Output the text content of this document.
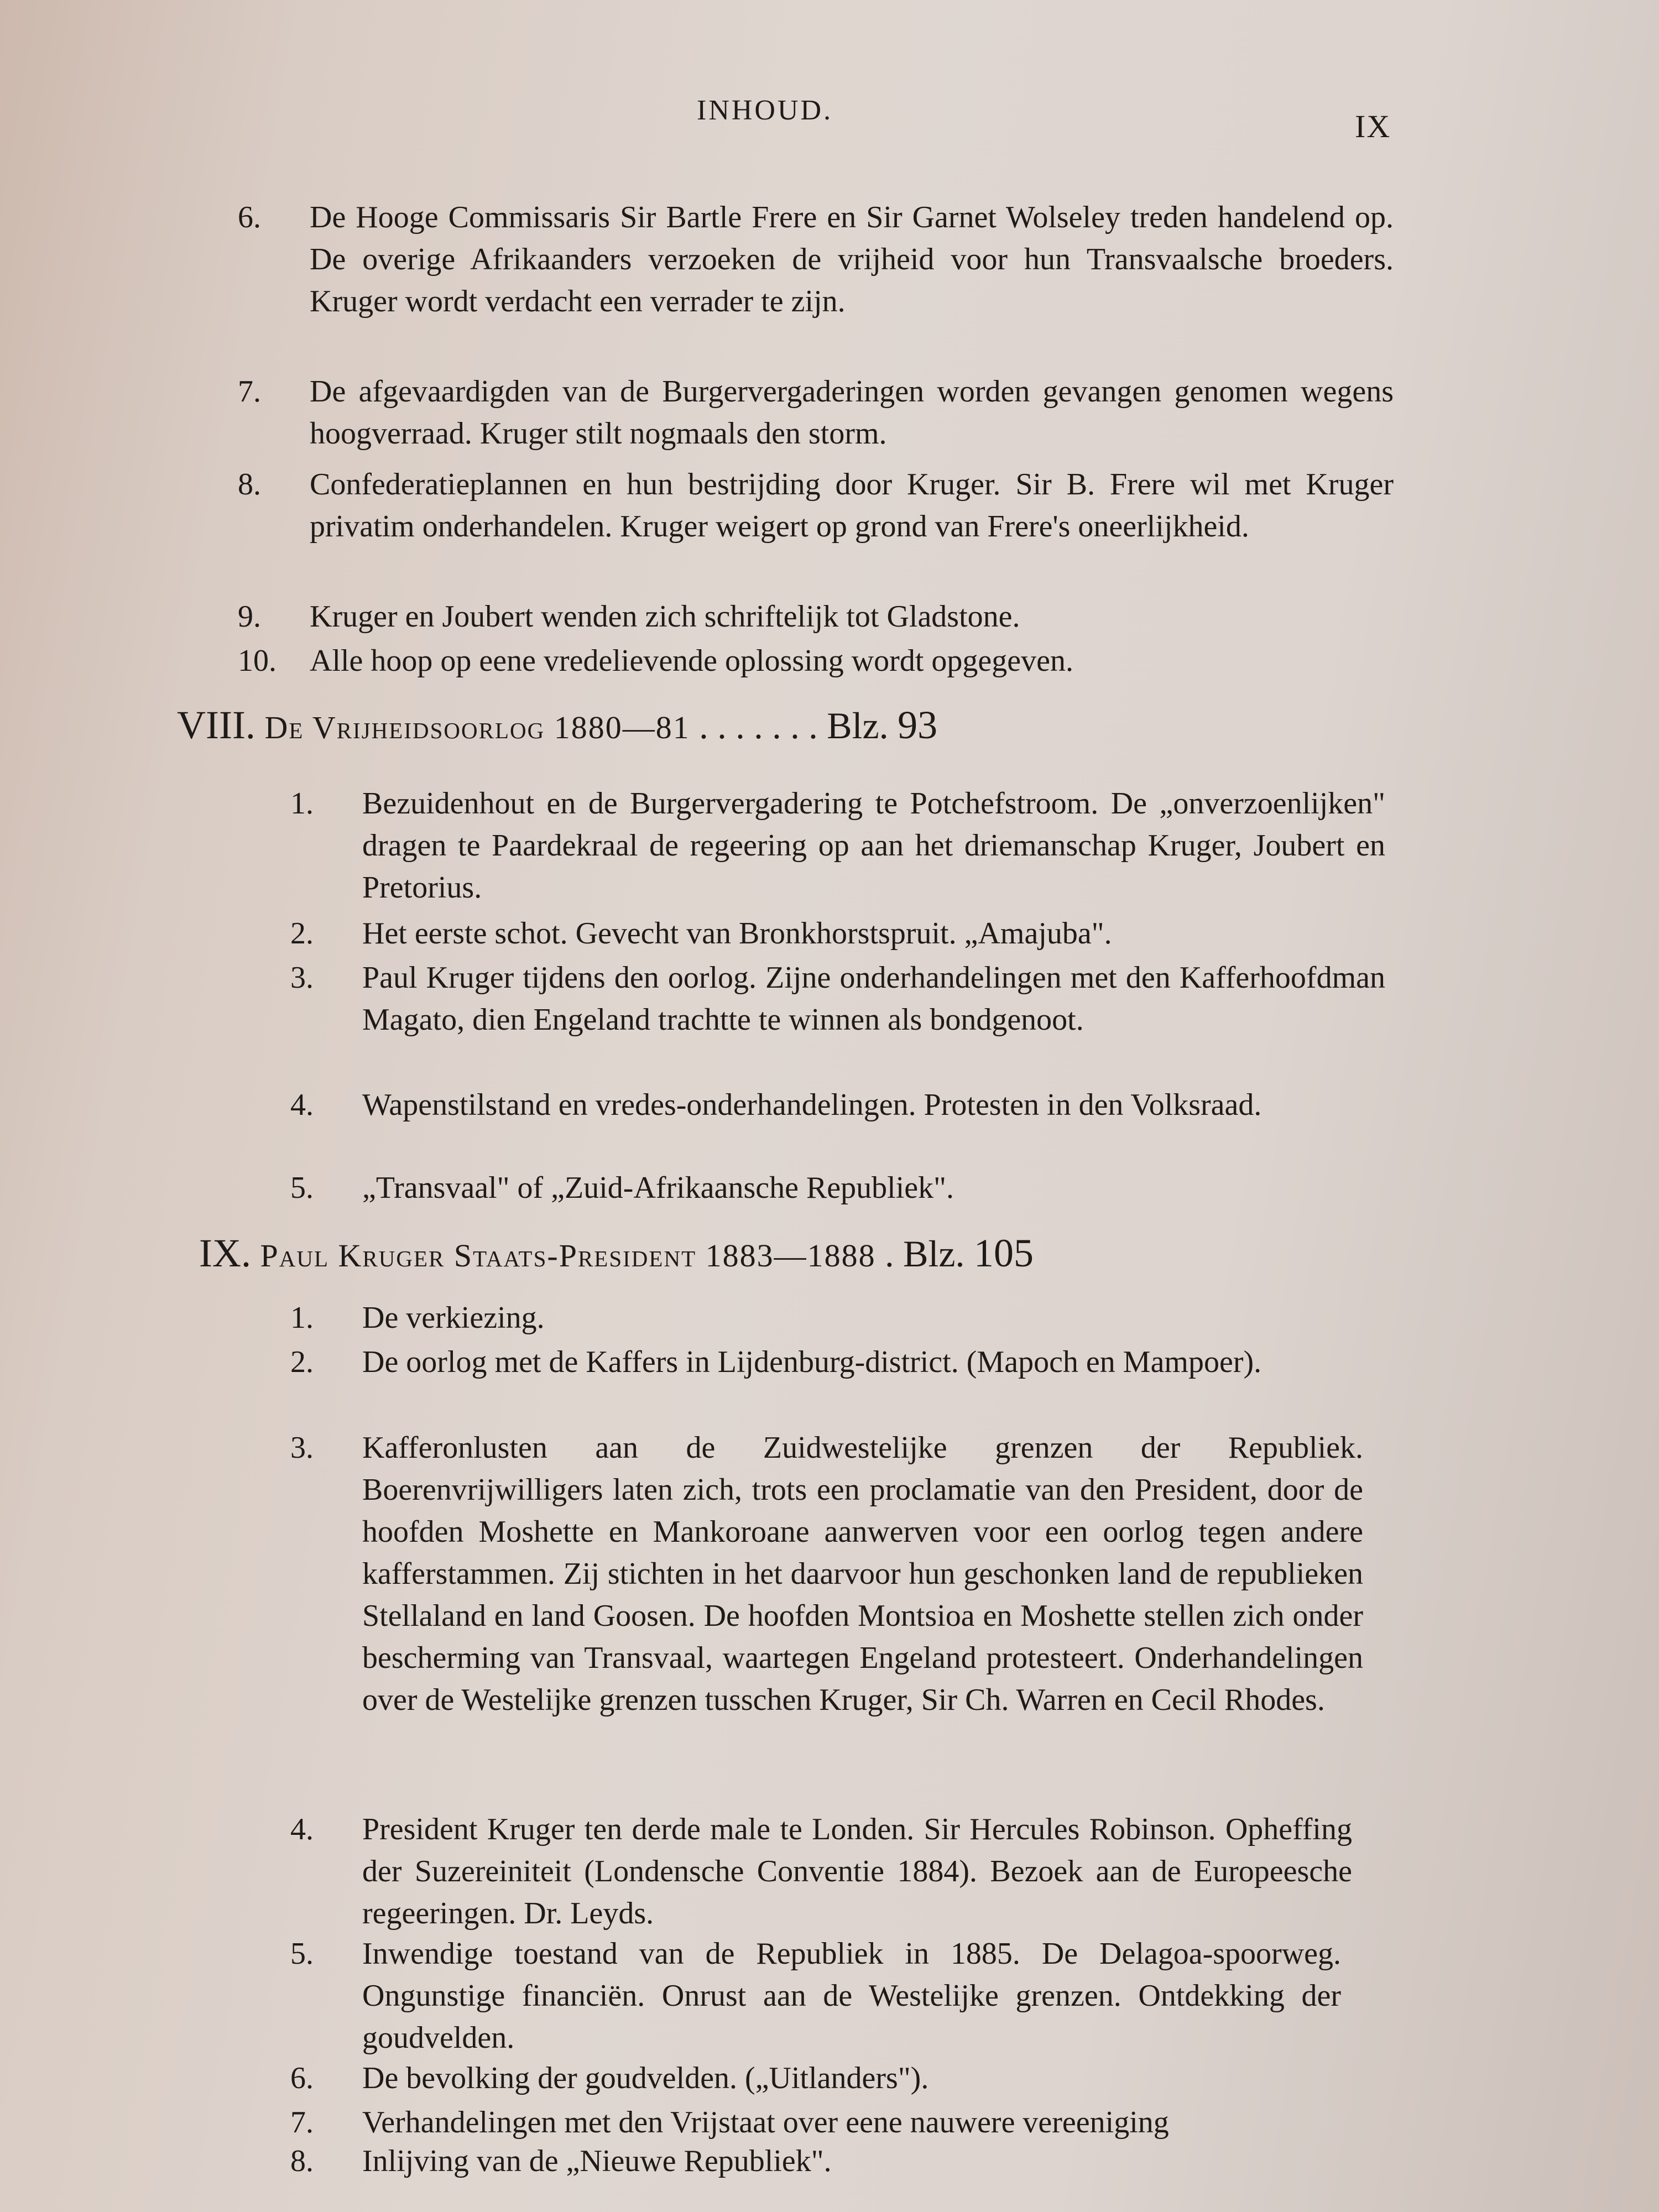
INHOUD.	IX
6.	De Hooge Commissaris Sir Bartle Frere en Sir Garnet Wolseley treden handelend op. De overige Afrikaanders verzoeken de vrijheid voor hun Transvaalsche broeders. Kruger wordt verdacht een verrader te zijn.
7.	De afgevaardigden van de Burgervergaderingen worden gevangen genomen wegens hoogverraad. Kruger stilt nogmaals den storm.
8.	Confederatieplannen en hun bestrijding door Kruger. Sir B. Frere wil met Kruger privatim onderhandelen. Kruger weigert op grond van Frere's oneerlijkheid.
9.	Kruger en Joubert wenden zich schriftelijk tot Gladstone.
10.	Alle hoop op eene vredelievende oplossing wordt opgegeven.
VIII. De Vrijheidsoorlog 1880—81 . . . . . . . Blz. 93
1.	Bezuidenhout en de Burgervergadering te Potchefstroom. De „onverzoenlijken" dragen te Paardekraal de regeering op aan het driemanschap Kruger, Joubert en Pretorius.
2.	Het eerste schot. Gevecht van Bronkhorstspruit. „Amajuba".
3.	Paul Kruger tijdens den oorlog. Zijne onderhandelingen met den Kafferhoofdman Magato, dien Engeland trachtte te winnen als bondgenoot.
4.	Wapenstilstand en vredes-onderhandelingen. Protesten in den Volksraad.
5.	„Transvaal" of „Zuid-Afrikaansche Republiek".
IX. Paul Kruger Staats-President 1883—1888 . Blz. 105
1.	De verkiezing.
2.	De oorlog met de Kaffers in Lijdenburg-district. (Mapoch en Mampoer).
3.	Kafferonlusten aan de Zuidwestelijke grenzen der Republiek. Boerenvrijwilligers laten zich, trots een proclamatie van den President, door de hoofden Moshette en Mankoroane aanwerven voor een oorlog tegen andere kafferstammen. Zij stichten in het daarvoor hun geschonken land de republieken Stellaland en land Goosen. De hoofden Montsioa en Moshette stellen zich onder bescherming van Transvaal, waartegen Engeland protesteert. Onderhandelingen over de Westelijke grenzen tusschen Kruger, Sir Ch. Warren en Cecil Rhodes.
4.	President Kruger ten derde male te Londen. Sir Hercules Robinson. Opheffing der Suzereiniteit (Londensche Conventie 1884). Bezoek aan de Europeesche regeeringen. Dr. Leyds.
5.	Inwendige toestand van de Republiek in 1885. De Delagoa-spoorweg. Ongunstige financiën. Onrust aan de Westelijke grenzen. Ontdekking der goudvelden.
6.	De bevolking der goudvelden. („Uitlanders").
7.	Verhandelingen met den Vrijstaat over eene nauwere vereeniging
8.	Inlijving van de „Nieuwe Republiek".
